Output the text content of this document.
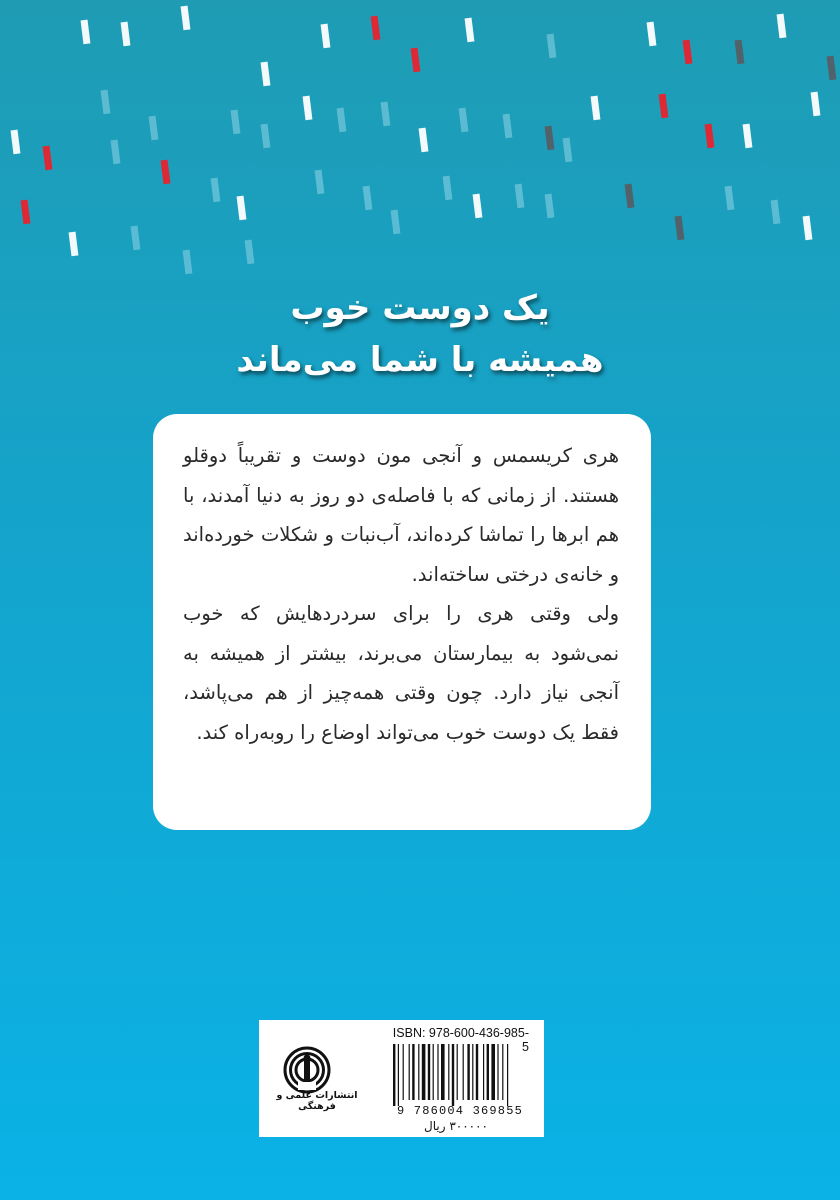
یک دوست خوب
همیشه با شما می‌ماند

هری کریسمس و آنجی مون دوست و تقریباً دوقلو هستند. از زمانی که با فاصله‌ی دو روز به دنیا آمدند، با هم ابرها را تماشا کرده‌اند، آب‌نبات و شکلات خورده‌اند و خانه‌ی درختی ساخته‌اند.

ولی وقتی هری را برای سردردهایش که خوب نمی‌شود به بیمارستان می‌برند، بیشتر از همیشه به آنجی نیاز دارد. چون وقتی همه‌چیز از هم می‌پاشد، فقط یک دوست خوب می‌تواند اوضاع را روبه‌راه کند.

انتشارات علمی و فرهنگی
ISBN: 978-600-436-985-5
9 786004 369855
۳۰۰۰۰۰ ریال
